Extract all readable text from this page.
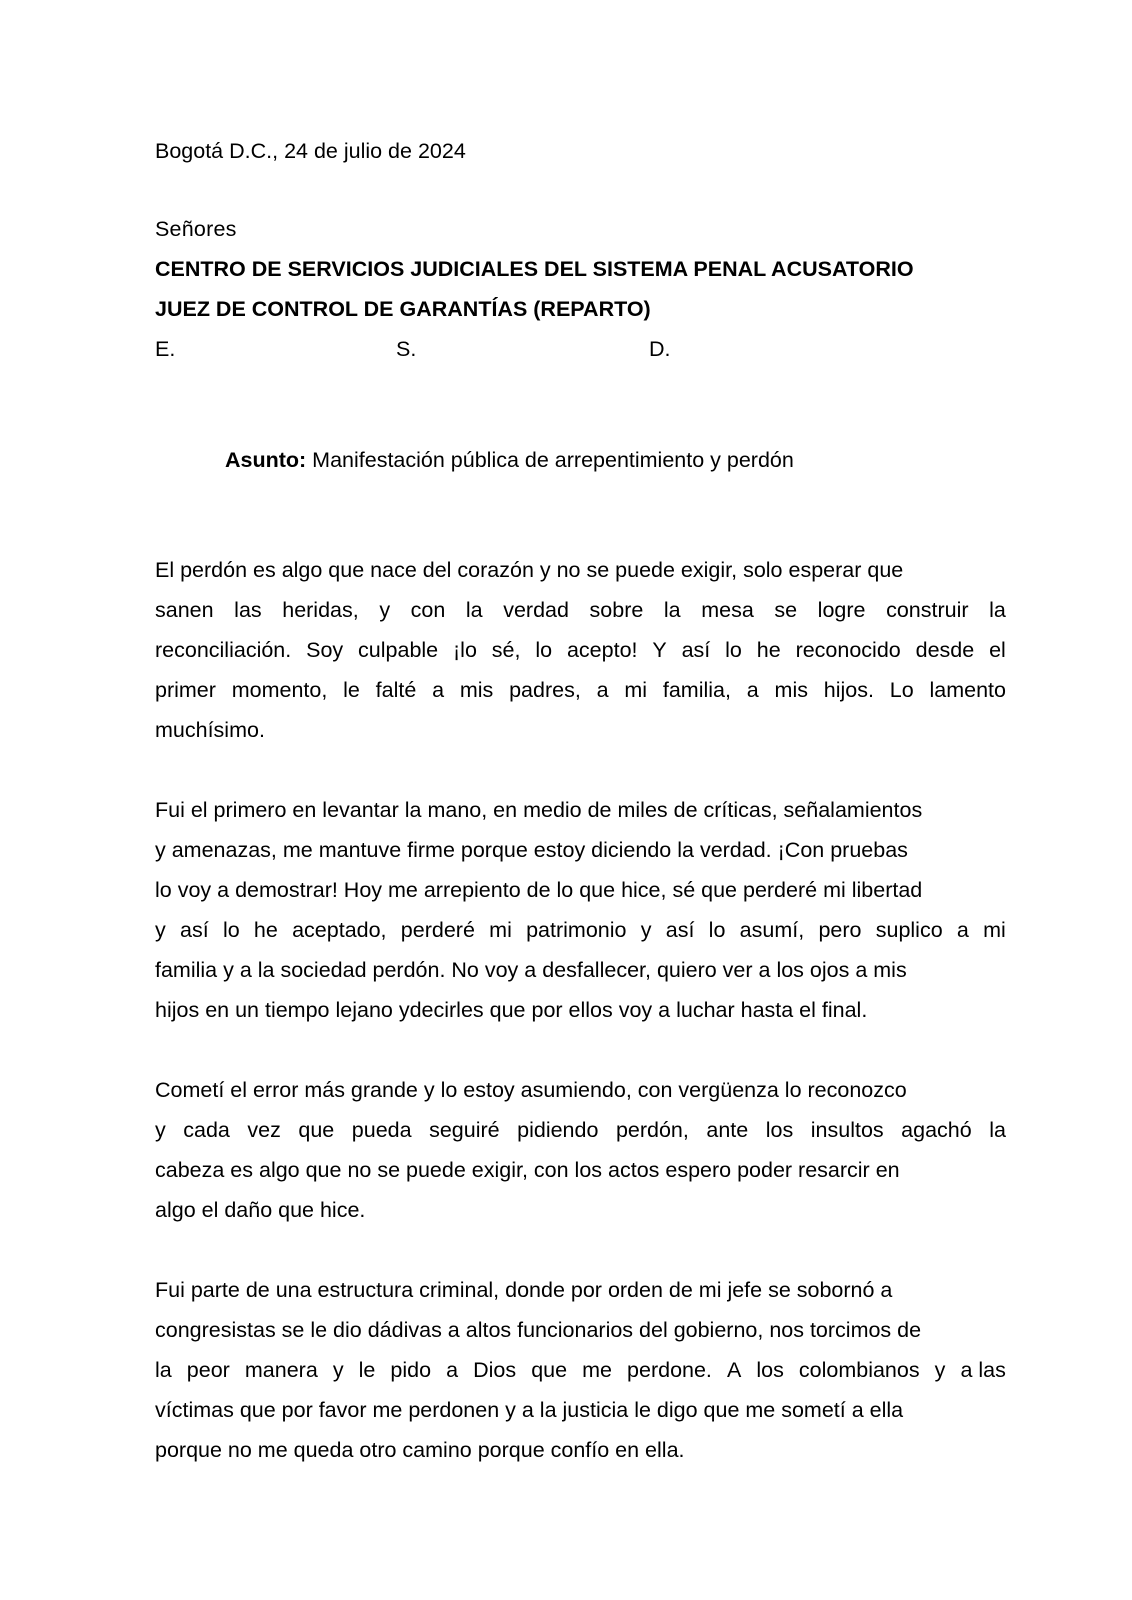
Bogotá D.C., 24 de julio de 2024
Señores
CENTRO DE SERVICIOS JUDICIALES DEL SISTEMA PENAL ACUSATORIO
JUEZ DE CONTROL DE GARANTÍAS (REPARTO)
E.	S.	D.
Asunto: Manifestación pública de arrepentimiento y perdón

El perdón es algo que nace del corazón y no se puede exigir, solo esperar que
sanen las heridas, y con la verdad sobre la mesa se logre construir la
reconciliación. Soy culpable ¡lo sé, lo acepto! Y así lo he reconocido desde el
primer momento, le falté a mis padres, a mi familia, a mis hijos. Lo lamento
muchísimo.

Fui el primero en levantar la mano, en medio de miles de críticas, señalamientos
y amenazas, me mantuve firme porque estoy diciendo la verdad. ¡Con pruebas
lo voy a demostrar! Hoy me arrepiento de lo que hice, sé que perderé mi libertad
y así lo he aceptado, perderé mi patrimonio y así lo asumí, pero suplico a mi
familia y a la sociedad perdón. No voy a desfallecer, quiero ver a los ojos a mis
hijos en un tiempo lejano ydecirles que por ellos voy a luchar hasta el final.

Cometí el error más grande y lo estoy asumiendo, con vergüenza lo reconozco
y cada vez que pueda seguiré pidiendo perdón, ante los insultos agachó la
cabeza es algo que no se puede exigir, con los actos espero poder resarcir en
algo el daño que hice.

Fui parte de una estructura criminal, donde por orden de mi jefe se sobornó a
congresistas se le dio dádivas a altos funcionarios del gobierno, nos torcimos de
la peor manera y le pido a Dios que me perdone. A los colombianos y a las
víctimas que por favor me perdonen y a la justicia le digo que me sometí a ella
porque no me queda otro camino porque confío en ella.
